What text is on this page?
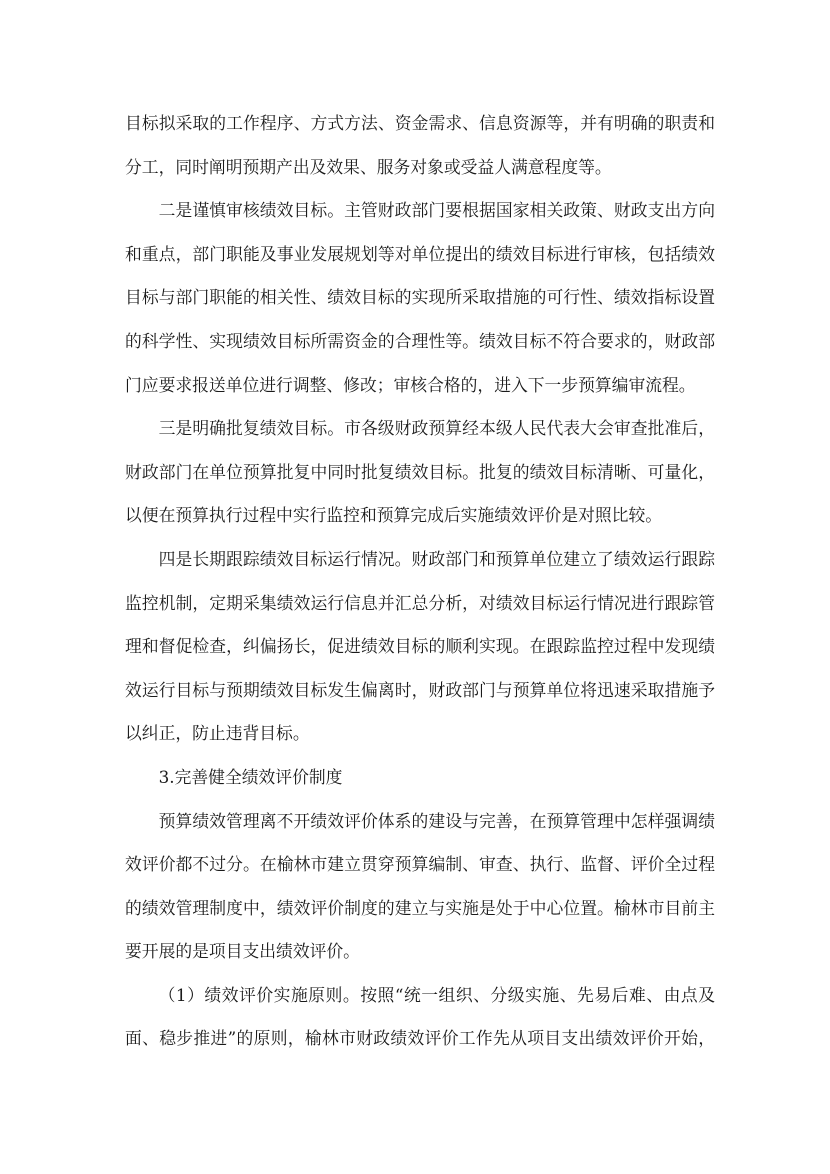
目标拟采取的工作程序、方式方法、资金需求、信息资源等，并有明确的职责和
分工，同时阐明预期产出及效果、服务对象或受益人满意程度等。
二是谨慎审核绩效目标。主管财政部门要根据国家相关政策、财政支出方向
和重点，部门职能及事业发展规划等对单位提出的绩效目标进行审核，包括绩效
目标与部门职能的相关性、绩效目标的实现所采取措施的可行性、绩效指标设置
的科学性、实现绩效目标所需资金的合理性等。绩效目标不符合要求的，财政部
门应要求报送单位进行调整、修改；审核合格的，进入下一步预算编审流程。
三是明确批复绩效目标。市各级财政预算经本级人民代表大会审查批准后，
财政部门在单位预算批复中同时批复绩效目标。批复的绩效目标清晰、可量化，
以便在预算执行过程中实行监控和预算完成后实施绩效评价是对照比较。
四是长期跟踪绩效目标运行情况。财政部门和预算单位建立了绩效运行跟踪
监控机制，定期采集绩效运行信息并汇总分析，对绩效目标运行情况进行跟踪管
理和督促检查，纠偏扬长，促进绩效目标的顺利实现。在跟踪监控过程中发现绩
效运行目标与预期绩效目标发生偏离时，财政部门与预算单位将迅速采取措施予
以纠正，防止违背目标。
3.完善健全绩效评价制度
预算绩效管理离不开绩效评价体系的建设与完善，在预算管理中怎样强调绩
效评价都不过分。在榆林市建立贯穿预算编制、审查、执行、监督、评价全过程
的绩效管理制度中，绩效评价制度的建立与实施是处于中心位置。榆林市目前主
要开展的是项目支出绩效评价。
（1）绩效评价实施原则。按照“统一组织、分级实施、先易后难、由点及
面、稳步推进”的原则，榆林市财政绩效评价工作先从项目支出绩效评价开始，
